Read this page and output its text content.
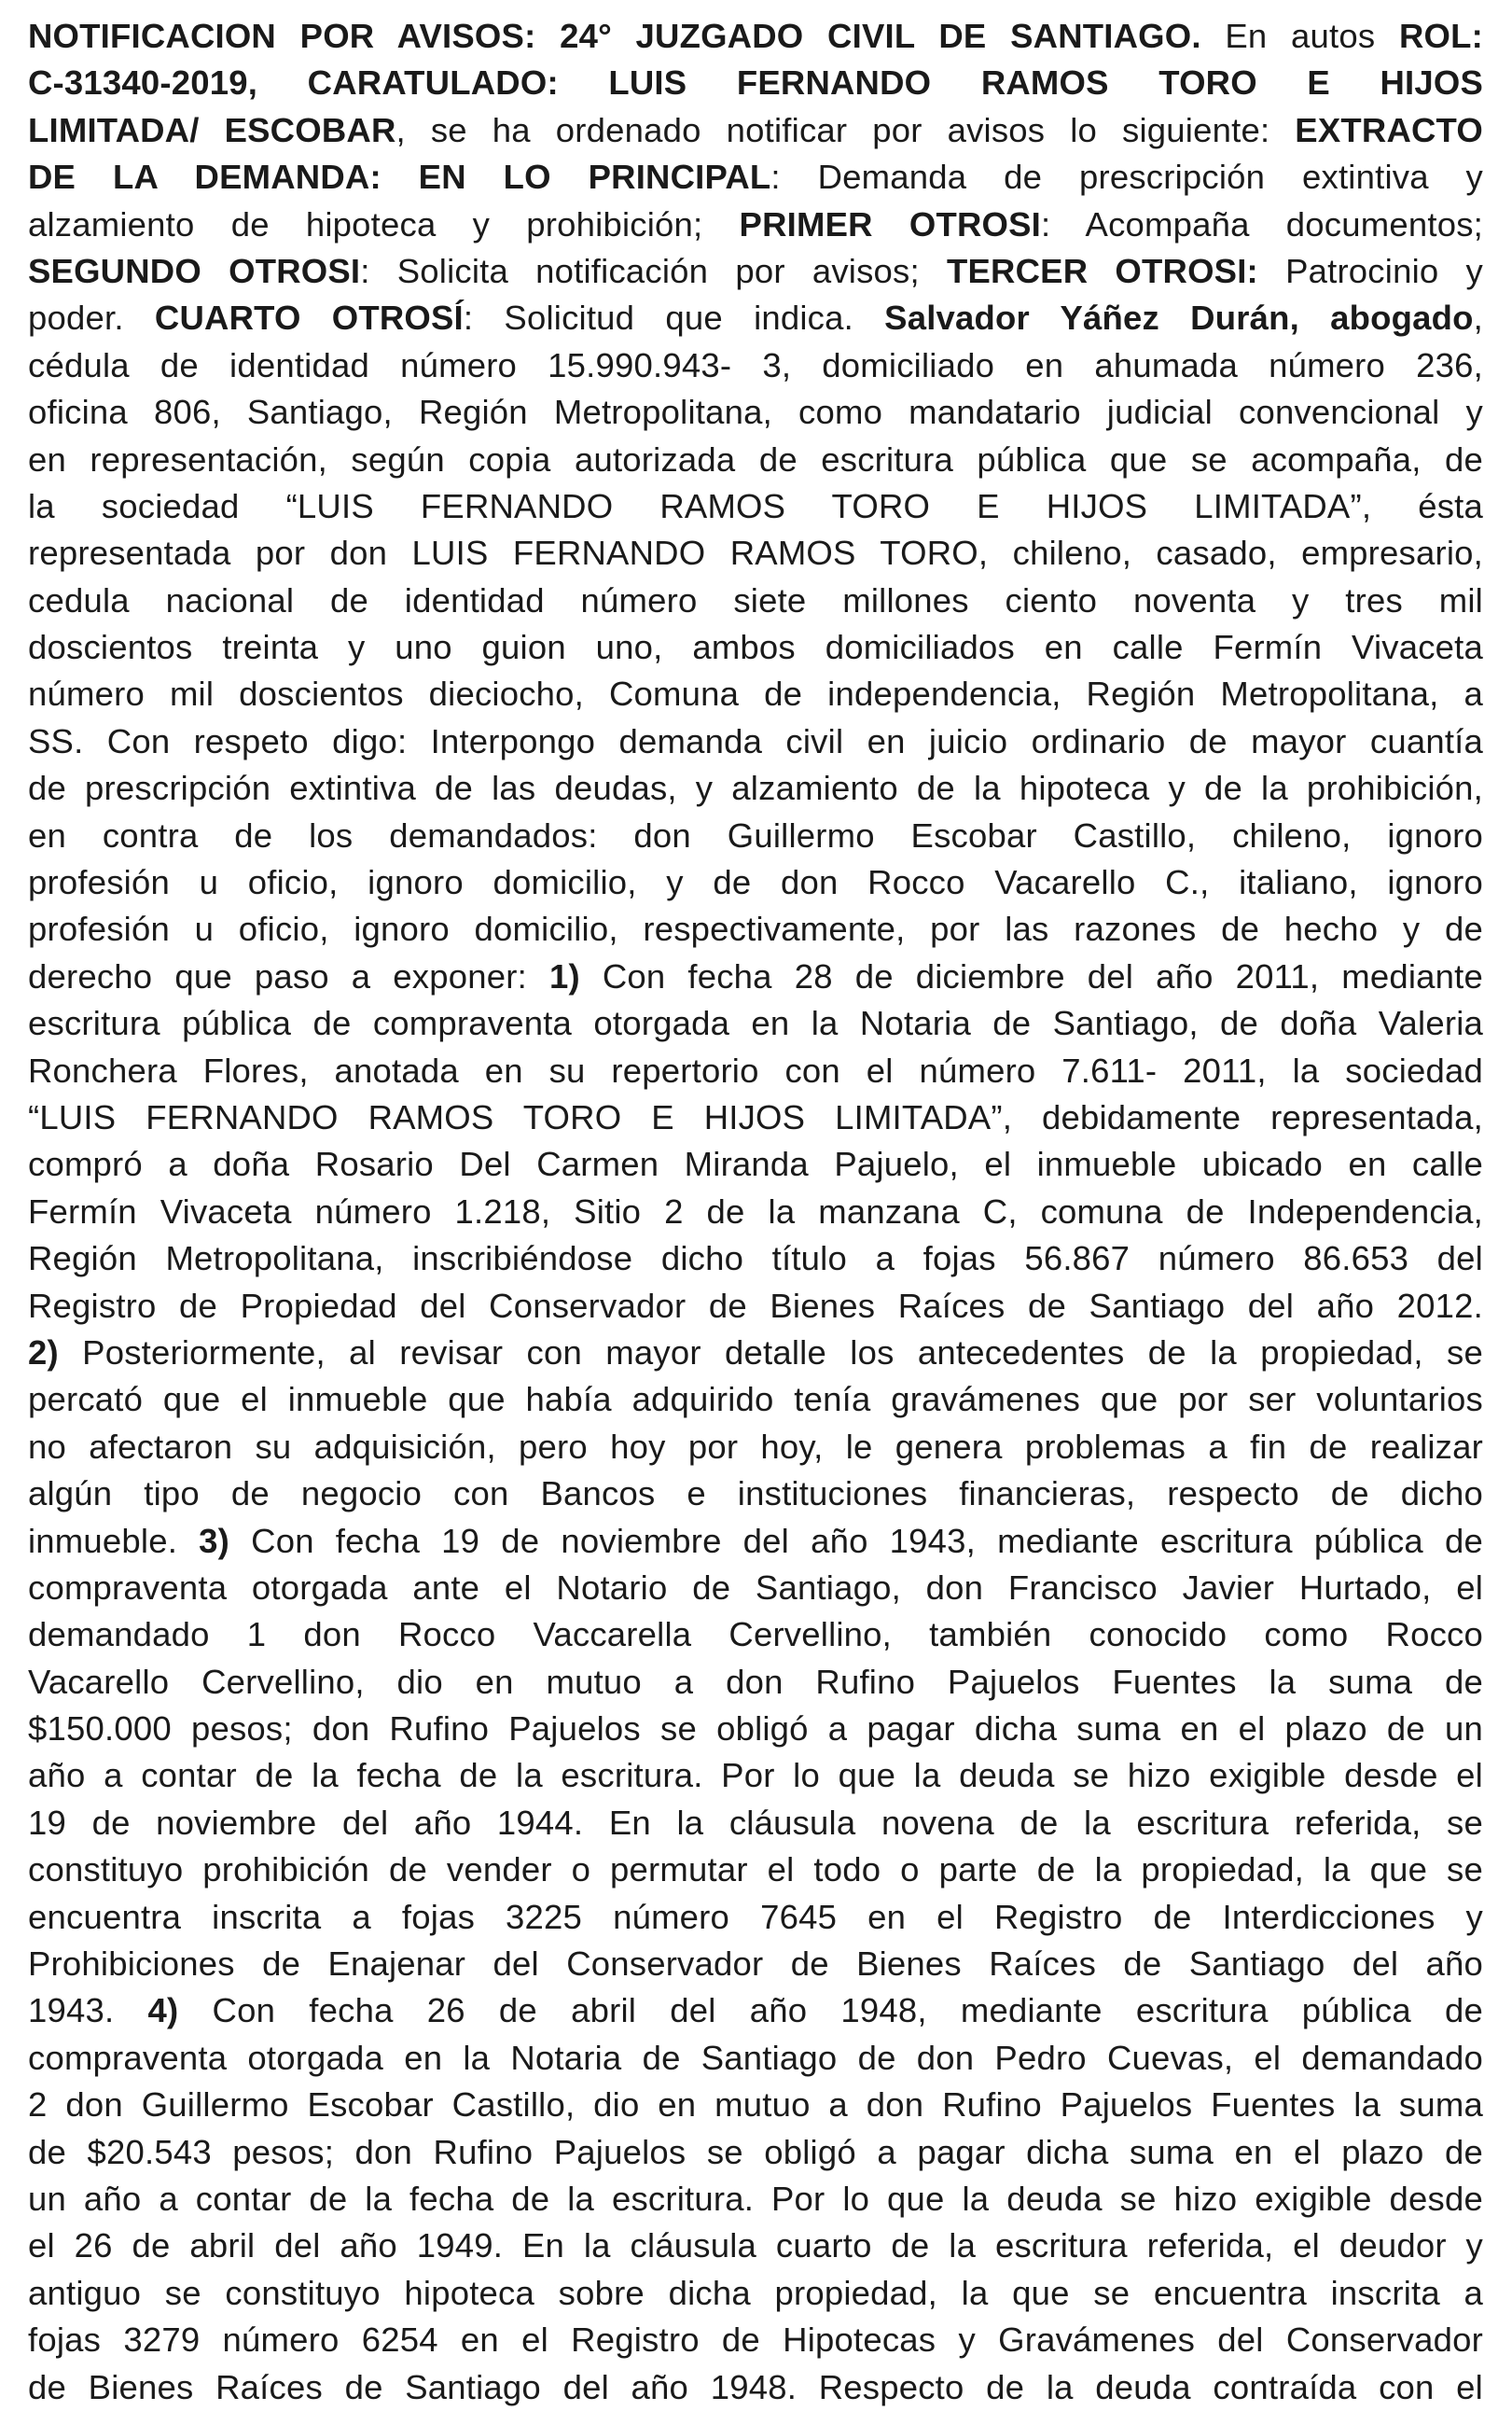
NOTIFICACION POR AVISOS: 24° JUZGADO CIVIL DE SANTIAGO. En autos ROL:
C-31340-2019, CARATULADO: LUIS FERNANDO RAMOS TORO E HIJOS
LIMITADA/ ESCOBAR, se ha ordenado notificar por avisos lo siguiente: EXTRACTO
DE LA DEMANDA: EN LO PRINCIPAL: Demanda de prescripción extintiva y
alzamiento de hipoteca y prohibición; PRIMER OTROSI: Acompaña documentos;
SEGUNDO OTROSI: Solicita notificación por avisos; TERCER OTROSI: Patrocinio y
poder. CUARTO OTROSÍ: Solicitud que indica. Salvador Yáñez Durán, abogado,
cédula de identidad número 15.990.943- 3, domiciliado en ahumada número 236,
oficina 806, Santiago, Región Metropolitana, como mandatario judicial convencional y
en representación, según copia autorizada de escritura pública que se acompaña, de
la sociedad “LUIS FERNANDO RAMOS TORO E HIJOS LIMITADA”, ésta
representada por don LUIS FERNANDO RAMOS TORO, chileno, casado, empresario,
cedula nacional de identidad número siete millones ciento noventa y tres mil
doscientos treinta y uno guion uno, ambos domiciliados en calle Fermín Vivaceta
número mil doscientos dieciocho, Comuna de independencia, Región Metropolitana, a
SS. Con respeto digo: Interpongo demanda civil en juicio ordinario de mayor cuantía
de prescripción extintiva de las deudas, y alzamiento de la hipoteca y de la prohibición,
en contra de los demandados: don Guillermo Escobar Castillo, chileno, ignoro
profesión u oficio, ignoro domicilio, y de don Rocco Vacarello C., italiano, ignoro
profesión u oficio, ignoro domicilio, respectivamente, por las razones de hecho y de
derecho que paso a exponer: 1) Con fecha 28 de diciembre del año 2011, mediante
escritura pública de compraventa otorgada en la Notaria de Santiago, de doña Valeria
Ronchera Flores, anotada en su repertorio con el número 7.611- 2011, la sociedad
“LUIS FERNANDO RAMOS TORO E HIJOS LIMITADA”, debidamente representada,
compró a doña Rosario Del Carmen Miranda Pajuelo, el inmueble ubicado en calle
Fermín Vivaceta número 1.218, Sitio 2 de la manzana C, comuna de Independencia,
Región Metropolitana, inscribiéndose dicho título a fojas 56.867 número 86.653 del
Registro de Propiedad del Conservador de Bienes Raíces de Santiago del año 2012.
2) Posteriormente, al revisar con mayor detalle los antecedentes de la propiedad, se
percató que el inmueble que había adquirido tenía gravámenes que por ser voluntarios
no afectaron su adquisición, pero hoy por hoy, le genera problemas a fin de realizar
algún tipo de negocio con Bancos e instituciones financieras, respecto de dicho
inmueble. 3) Con fecha 19 de noviembre del año 1943, mediante escritura pública de
compraventa otorgada ante el Notario de Santiago, don Francisco Javier Hurtado, el
demandado 1 don Rocco Vaccarella Cervellino, también conocido como Rocco
Vacarello Cervellino, dio en mutuo a don Rufino Pajuelos Fuentes la suma de
$150.000 pesos; don Rufino Pajuelos se obligó a pagar dicha suma en el plazo de un
año a contar de la fecha de la escritura. Por lo que la deuda se hizo exigible desde el
19 de noviembre del año 1944. En la cláusula novena de la escritura referida, se
constituyo prohibición de vender o permutar el todo o parte de la propiedad, la que se
encuentra inscrita a fojas 3225 número 7645 en el Registro de Interdicciones y
Prohibiciones de Enajenar del Conservador de Bienes Raíces de Santiago del año
1943. 4) Con fecha 26 de abril del año 1948, mediante escritura pública de
compraventa otorgada en la Notaria de Santiago de don Pedro Cuevas, el demandado
2 don Guillermo Escobar Castillo, dio en mutuo a don Rufino Pajuelos Fuentes la suma
de $20.543 pesos; don Rufino Pajuelos se obligó a pagar dicha suma en el plazo de
un año a contar de la fecha de la escritura. Por lo que la deuda se hizo exigible desde
el 26 de abril del año 1949. En la cláusula cuarto de la escritura referida, el deudor y
antiguo se constituyo hipoteca sobre dicha propiedad, la que se encuentra inscrita a
fojas 3279 número 6254 en el Registro de Hipotecas y Gravámenes del Conservador
de Bienes Raíces de Santiago del año 1948. Respecto de la deuda contraída con el
